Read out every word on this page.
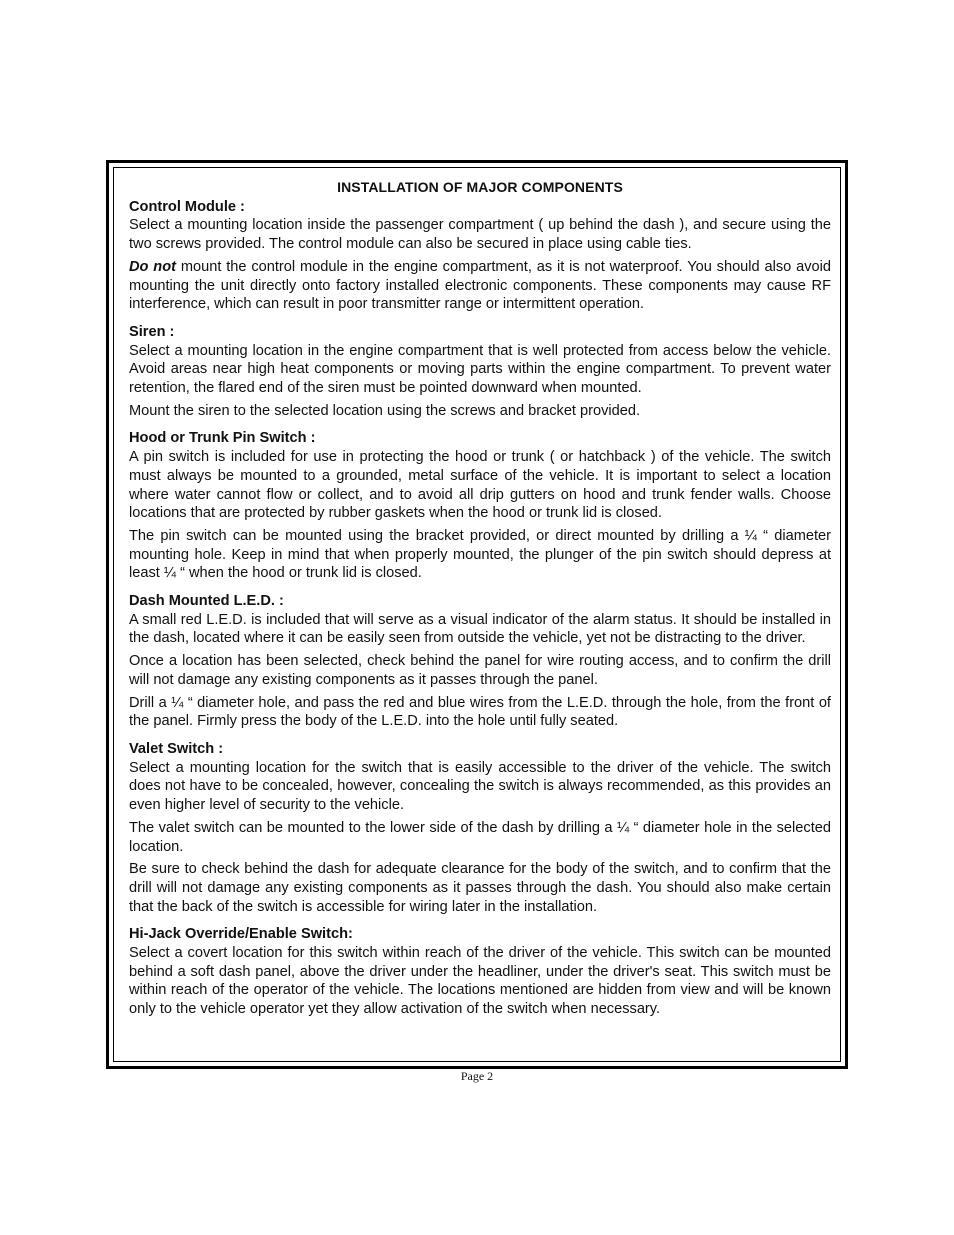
INSTALLATION OF MAJOR COMPONENTS
Control Module :

Select a mounting location inside the passenger compartment ( up behind the dash ), and secure using the two screws provided. The control module can also be secured in place using cable ties.

Do not mount the control module in the engine compartment, as it is not waterproof. You should also avoid mounting the unit directly onto factory installed electronic components. These components may cause RF interference, which can result in poor transmitter range or intermittent operation.

Siren :

Select a mounting location in the engine compartment that is well protected from access below the vehicle. Avoid areas near high heat components or moving parts within the engine compartment. To prevent water retention, the flared end of the siren must be pointed downward when mounted.

Mount the siren to the selected location using the screws and bracket provided.

Hood or Trunk Pin Switch :

A pin switch is included for use in protecting the hood or trunk ( or hatchback ) of the vehicle. The switch must always be mounted to a grounded, metal surface of the vehicle. It is important to select a location where water cannot flow or collect, and to avoid all drip gutters on hood and trunk fender walls. Choose locations that are protected by rubber gaskets when the hood or trunk lid is closed.

The pin switch can be mounted using the bracket provided, or direct mounted by drilling a ¼ “ diameter mounting hole. Keep in mind that when properly mounted, the plunger of the pin switch should depress at least ¼ “ when the hood or trunk lid is closed.

Dash Mounted L.E.D. :

A small red L.E.D. is included that will serve as a visual indicator of the alarm status. It should be installed in the dash, located where it can be easily seen from outside the vehicle, yet not be distracting to the driver.

Once a location has been selected, check behind the panel for wire routing access, and to confirm the drill will not damage any existing components as it passes through the panel.

Drill a ¼ “ diameter hole, and pass the red and blue wires from the L.E.D. through the hole, from the front of the panel. Firmly press the body of the L.E.D. into the hole until fully seated.

Valet Switch :

Select a mounting location for the switch that is easily accessible to the driver of the vehicle. The switch does not have to be concealed, however, concealing the switch is always recommended, as this provides an even higher level of security to the vehicle.

The valet switch can be mounted to the lower side of the dash by drilling a ¼ “ diameter hole in the selected location.

Be sure to check behind the dash for adequate clearance for the body of the switch, and to confirm that the drill will not damage any existing components as it passes through the dash. You should also make certain that the back of the switch is accessible for wiring later in the installation.

Hi-Jack Override/Enable Switch:

Select a covert location for this switch within reach of the driver of the vehicle. This switch can be mounted behind a soft dash panel, above the driver under the headliner, under the driver's seat. This switch must be within reach of the operator of the vehicle. The locations mentioned are hidden from view and will be known only to the vehicle operator yet they allow activation of the switch when necessary.

Page 2
